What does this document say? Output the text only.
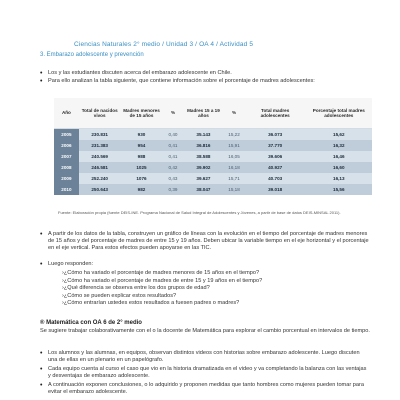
Ciencias Naturales 2° medio / Unidad 3 / OA 4 / Actividad 5
3. Embarazo adolescente y prevención
• Los y las estudiantes discuten acerca del embarazo adolescente en Chile.
• Para ello analizan la tabla siguiente, que contiene información sobre el porcentaje de madres adolescentes:
Año	Total de nacidos vivos	Madres menores de 15 años	%	Madres 15 a 19 años	%	Total madres adolescentes	Porcentaje total madres adolescentes
2005	230.831	930	0,40	35.143	15,22	36.073	15,62
2006	231.383	954	0,41	36.816	15,91	37.770	16,32
2007	240.569	988	0,41	38.588	16,05	39.606	16,46
2008	246.581	1025	0,42	39.902	16,18	40.927	16,60
2009	252.240	1076	0,43	39.627	15,71	40.703	16,13
2010	250.643	982	0,39	38.047	15,18	39.018	15,56
Fuente: Elaboración propia (fuente DEIS-INE. Programa Nacional de Salud Integral de Adolescentes y Jóvenes, a partir de base de datos DEIS-MINSAL 2011).
• A partir de los datos de la tabla, construyen un gráfico de líneas con la evolución en el tiempo del porcentaje de madres menores de 15 años y del porcentaje de madres de entre 15 y 19 años. Deben ubicar la variable tiempo en el eje horizontal y el porcentaje en el eje vertical. Para estos efectos pueden apoyarse en las TIC.
• Luego responden:
›¿Cómo ha variado el porcentaje de madres menores de 15 años en el tiempo?
›¿Cómo ha variado el porcentaje de madres de entre 15 y 19 años en el tiempo?
›¿Qué diferencia se observa entre los dos grupos de edad?
›¿Cómo se pueden explicar estos resultados?
›¿Cómo entrarían ustedes estos resultados a fuesen padres o madres?
® Matemática con OA 6 de 2° medio
Se sugiere trabajar colaborativamente con el o la docente de Matemática para explorar el cambio porcentual en intervalos de tiempo.
• Los alumnos y las alumnas, en equipos, observan distintos videos con historias sobre embarazo adolescente. Luego discuten una de ellas en un plenario en un papelógrafo.
• Cada equipo cuenta al curso el caso que vio en la historia dramatizada en el video y va completando la balanza con las ventajas y desventajas de embarazo adolescente.
• A continuación exponen conclusiones, o lo adquirido y proponen medidas que tanto hombres como mujeres pueden tomar para evitar el embarazo adolescente.
